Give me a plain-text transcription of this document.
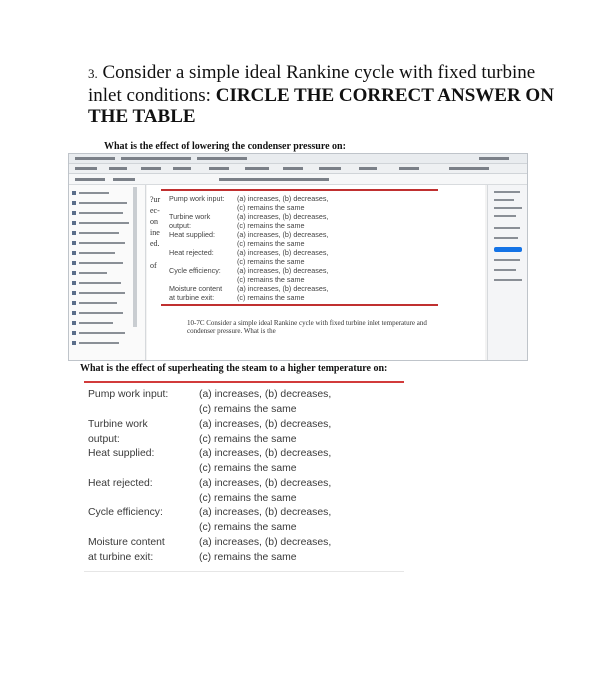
3. Consider a simple ideal Rankine cycle with fixed turbine inlet conditions: CIRCLE THE CORRECT ANSWER ON THE TABLE
What is the effect of lowering the condenser pressure on:
?ur
ec-
on
ine
ed.
of
Pump work input: (a) increases, (b) decreases,
(c) remains the same
Turbine work
output:
(a) increases, (b) decreases,
(c) remains the same
Heat supplied:	(a) increases, (b) decreases,
(c) remains the same
Heat rejected:	(a) increases, (b) decreases,
(c) remains the same
Cycle efficiency: (a) increases, (b) decreases,
(c) remains the same
Moisture content
at turbine exit:
(a) increases, (b) decreases,
(c) remains the same
10-7C Consider a simple ideal Rankine cycle with fixed turbine inlet temperature and condenser pressure. What is the
What is the effect of superheating the steam to a higher temperature on:
Pump work input:	(a) increases, (b) decreases,
(c) remains the same
Turbine work
output:
(a) increases, (b) decreases,
(c) remains the same
Heat supplied:	(a) increases, (b) decreases,
(c) remains the same
Heat rejected:	(a) increases, (b) decreases,
(c) remains the same
Cycle efficiency:	(a) increases, (b) decreases,
(c) remains the same
Moisture content
at turbine exit:
(a) increases, (b) decreases,
(c) remains the same
